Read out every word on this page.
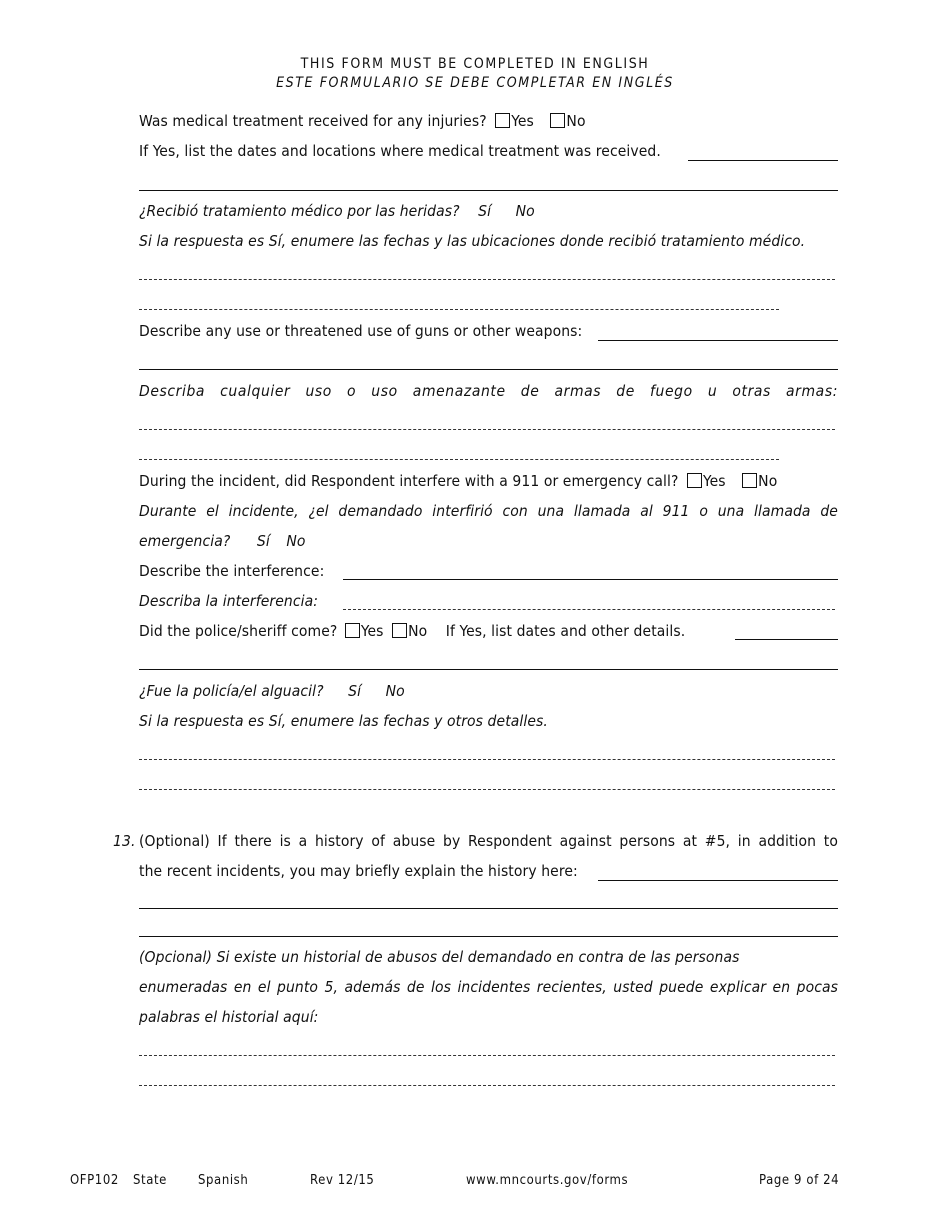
THIS FORM MUST BE COMPLETED IN ENGLISH
ESTE FORMULARIO SE DEBE COMPLETAR EN INGLÉS
Was medical treatment received for any injuries? Yes No
If Yes, list the dates and locations where medical treatment was received.
¿Recibió tratamiento médico por las heridas? Sí No
Si la respuesta es Sí, enumere las fechas y las ubicaciones donde recibió tratamiento médico.
Describe any use or threatened use of guns or other weapons:
Describa cualquier uso o uso amenazante de armas de fuego u otras armas:
During the incident, did Respondent interfere with a 911 or emergency call? Yes No
Durante el incidente, ¿el demandado interfirió con una llamada al 911 o una llamada de
emergencia? Sí No
Describe the interference:
Describa la interferencia:
Did the police/sheriff come? Yes No If Yes, list dates and other details.
¿Fue la policía/el alguacil? Sí No
Si la respuesta es Sí, enumere las fechas y otros detalles.
13. (Optional) If there is a history of abuse by Respondent against persons at #5, in addition to
the recent incidents, you may briefly explain the history here:
(Opcional) Si existe un historial de abusos del demandado en contra de las personas
enumeradas en el punto 5, además de los incidentes recientes, usted puede explicar en pocas
palabras el historial aquí:
OFP102 State Spanish	Rev 12/15	www.mncourts.gov/forms	Page 9 of 24
